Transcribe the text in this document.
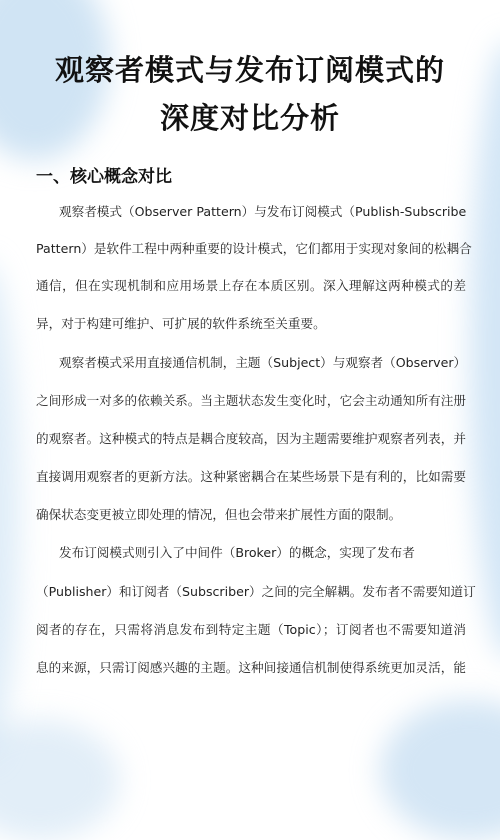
观察者模式与发布订阅模式的
深度对比分析
一、核心概念对比
观察者模式（Observer Pattern）与发布订阅模式（Publish-Subscribe
Pattern）是软件工程中两种重要的设计模式，它们都用于实现对象间的松耦合
通信，但在实现机制和应用场景上存在本质区别。深入理解这两种模式的差
异，对于构建可维护、可扩展的软件系统至关重要。
观察者模式采用直接通信机制，主题（Subject）与观察者（Observer）
之间形成一对多的依赖关系。当主题状态发生变化时，它会主动通知所有注册
的观察者。这种模式的特点是耦合度较高，因为主题需要维护观察者列表，并
直接调用观察者的更新方法。这种紧密耦合在某些场景下是有利的，比如需要
确保状态变更被立即处理的情况，但也会带来扩展性方面的限制。
发布订阅模式则引入了中间件（Broker）的概念，实现了发布者
（Publisher）和订阅者（Subscriber）之间的完全解耦。发布者不需要知道订
阅者的存在，只需将消息发布到特定主题（Topic）；订阅者也不需要知道消
息的来源，只需订阅感兴趣的主题。这种间接通信机制使得系统更加灵活，能
